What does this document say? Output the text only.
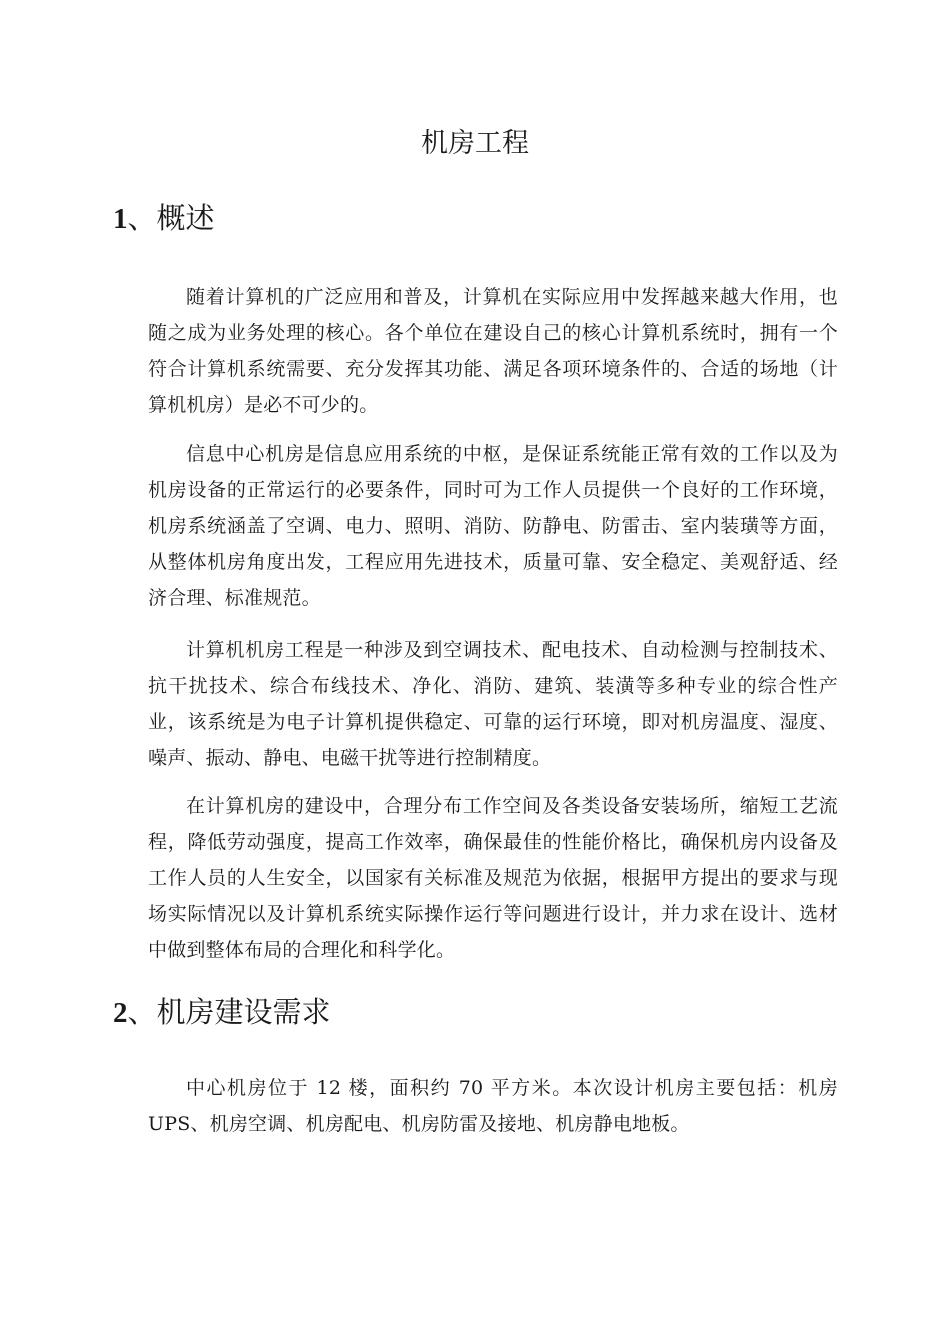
机房工程
1、概述

随着计算机的广泛应用和普及，计算机在实际应用中发挥越来越大作用，也随之成为业务处理的核心。各个单位在建设自己的核心计算机系统时，拥有一个符合计算机系统需要、充分发挥其功能、满足各项环境条件的、合适的场地（计算机机房）是必不可少的。

信息中心机房是信息应用系统的中枢，是保证系统能正常有效的工作以及为机房设备的正常运行的必要条件，同时可为工作人员提供一个良好的工作环境，机房系统涵盖了空调、电力、照明、消防、防静电、防雷击、室内装璜等方面，从整体机房角度出发，工程应用先进技术，质量可靠、安全稳定、美观舒适、经济合理、标准规范。

计算机机房工程是一种涉及到空调技术、配电技术、自动检测与控制技术、抗干扰技术、综合布线技术、净化、消防、建筑、装潢等多种专业的综合性产业，该系统是为电子计算机提供稳定、可靠的运行环境，即对机房温度、湿度、噪声、振动、静电、电磁干扰等进行控制精度。

在计算机房的建设中，合理分布工作空间及各类设备安装场所，缩短工艺流程，降低劳动强度，提高工作效率，确保最佳的性能价格比，确保机房内设备及工作人员的人生安全，以国家有关标准及规范为依据，根据甲方提出的要求与现场实际情况以及计算机系统实际操作运行等问题进行设计，并力求在设计、选材中做到整体布局的合理化和科学化。

2、机房建设需求

中心机房位于 12 楼，面积约 70 平方米。本次设计机房主要包括：机房 UPS、机房空调、机房配电、机房防雷及接地、机房静电地板。
